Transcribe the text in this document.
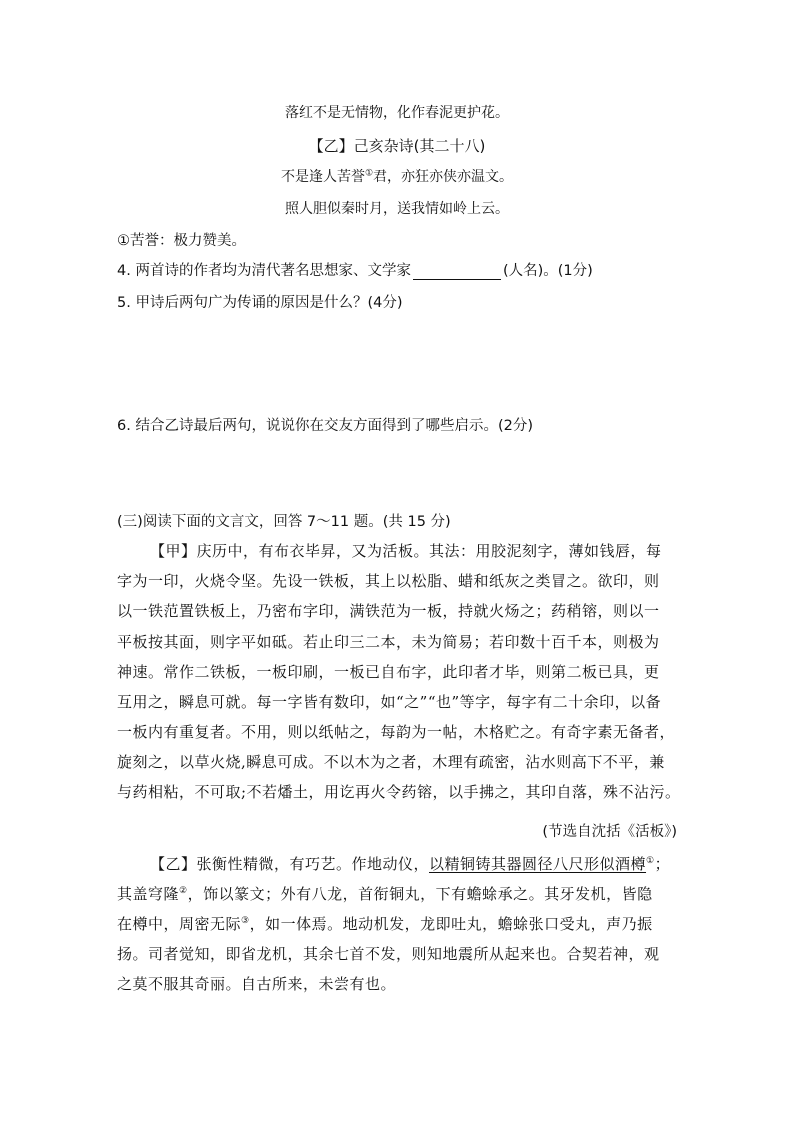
落红不是无情物，化作春泥更护花。
【乙】己亥杂诗(其二十八)
不是逢人苦誉①君，亦狂亦侠亦温文。
照人胆似秦时月，送我情如岭上云。
①苦誉：极力赞美。
4. 两首诗的作者均为清代著名思想家、文学家	(人名)。(1分)
5. 甲诗后两句广为传诵的原因是什么？(4分)
6. 结合乙诗最后两句，说说你在交友方面得到了哪些启示。(2分)
(三)阅读下面的文言文，回答 7～11 题。(共 15 分)
【甲】庆历中，有布衣毕昇，又为活板。其法：用胶泥刻字，薄如钱唇，每
字为一印，火烧令坚。先设一铁板，其上以松脂、蜡和纸灰之类冒之。欲印，则
以一铁范置铁板上，乃密布字印，满铁范为一板，持就火炀之；药稍镕，则以一
平板按其面，则字平如砥。若止印三二本，未为简易；若印数十百千本，则极为
神速。常作二铁板，一板印刷，一板已自布字，此印者才毕，则第二板已具，更
互用之，瞬息可就。每一字皆有数印，如“之”“也”等字，每字有二十余印，以备
一板内有重复者。不用，则以纸帖之，每韵为一帖，木格贮之。有奇字素无备者，
旋刻之，以草火烧,瞬息可成。不以木为之者，木理有疏密，沾水则高下不平，兼
与药相粘，不可取;不若燔土，用讫再火令药镕，以手拂之，其印自落，殊不沾污。
(节选自沈括《活板》)
【乙】张衡性精微，有巧艺。作地动仪，以精铜铸其器圆径八尺形似酒樽①；
其盖穹隆②，饰以篆文；外有八龙，首衔铜丸，下有蟾蜍承之。其牙发机，皆隐
在樽中，周密无际③，如一体焉。地动机发，龙即吐丸，蟾蜍张口受丸，声乃振
扬。司者觉知，即省龙机，其余七首不发，则知地震所从起来也。合契若神，观
之莫不服其奇丽。自古所来，未尝有也。
